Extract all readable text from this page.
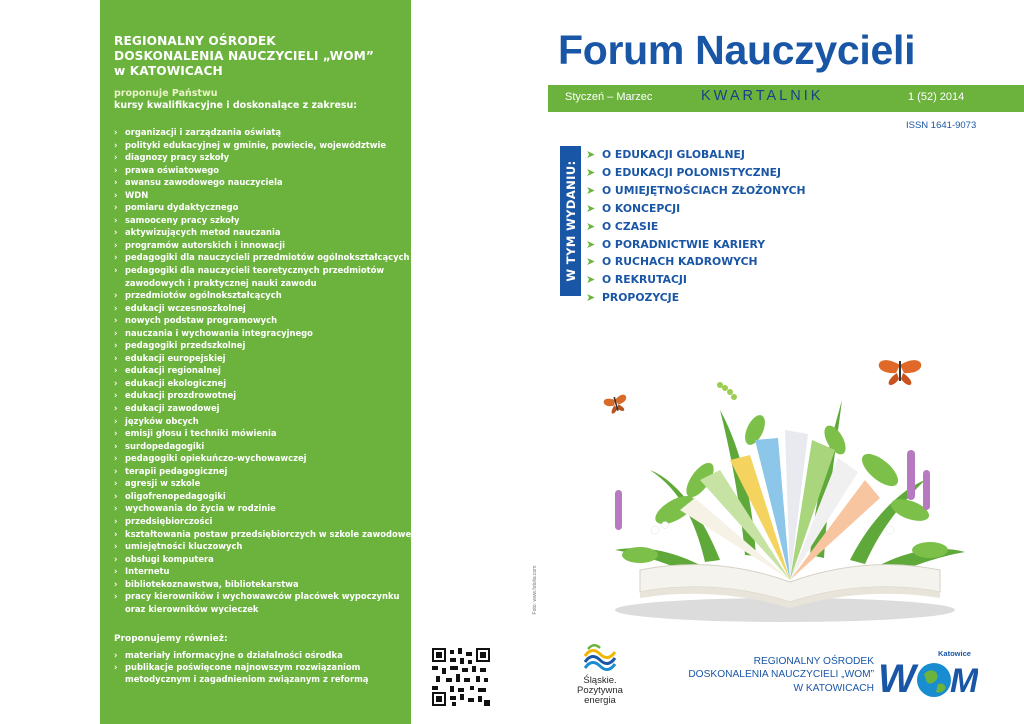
REGIONALNY OŚRODEK
DOSKONALENIA NAUCZYCIELI „WOM”
w KATOWICACH
proponuje Państwu
kursy kwalifikacyjne i doskonalące z zakresu:
› organizacji i zarządzania oświatą
› polityki edukacyjnej w gminie, powiecie, województwie
› diagnozy pracy szkoły
› prawa oświatowego
› awansu zawodowego nauczyciela
› WDN
› pomiaru dydaktycznego
› samooceny pracy szkoły
› aktywizujących metod nauczania
› programów autorskich i innowacji
› pedagogiki dla nauczycieli przedmiotów ogólnokształcących
› pedagogiki dla nauczycieli teoretycznych przedmiotów
zawodowych i praktycznej nauki zawodu
› przedmiotów ogólnokształcących
› edukacji wczesnoszkolnej
› nowych podstaw programowych
› nauczania i wychowania integracyjnego
› pedagogiki przedszkolnej
› edukacji europejskiej
› edukacji regionalnej
› edukacji ekologicznej
› edukacji prozdrowotnej
› edukacji zawodowej
› języków obcych
› emisji głosu i techniki mówienia
› surdopedagogiki
› pedagogiki opiekuńczo-wychowawczej
› terapii pedagogicznej
› agresji w szkole
› oligofrenopedagogiki
› wychowania do życia w rodzinie
› przedsiębiorczości
› kształtowania postaw przedsiębiorczych w szkole zawodowej
› umiejętności kluczowych
› obsługi komputera
› Internetu
› bibliotekoznawstwa, bibliotekarstwa
› pracy kierowników i wychowawców placówek wypoczynku
oraz kierowników wycieczek
Proponujemy również:
› materiały informacyjne o działalności ośrodka
› publikacje poświęcone najnowszym rozwiązaniom
metodycznym i zagadnieniom związanym z reformą
Forum Nauczycieli
Styczeń – Marzec	KWARTALNIK	1 (52) 2014
ISSN 1641-9073
W TYM WYDANIU:
➤ O EDUKACJI GLOBALNEJ
➤ O EDUKACJI POLONISTYCZNEJ
➤ O UMIEJĘTNOŚCIACH ZŁOŻONYCH
➤ O KONCEPCJI
➤ O CZASIE
➤ O PORADNICTWIE KARIERY
➤ O RUCHACH KADROWYCH
➤ O REKRUTACJI
➤ PROPOZYCJE
Foto: www.fotolia.com
Śląskie.
Pozytywna energia
REGIONALNY OŚRODEK
DOSKONALENIA NAUCZYCIELI „WOM”
W KATOWICACH
Katowice
W M
